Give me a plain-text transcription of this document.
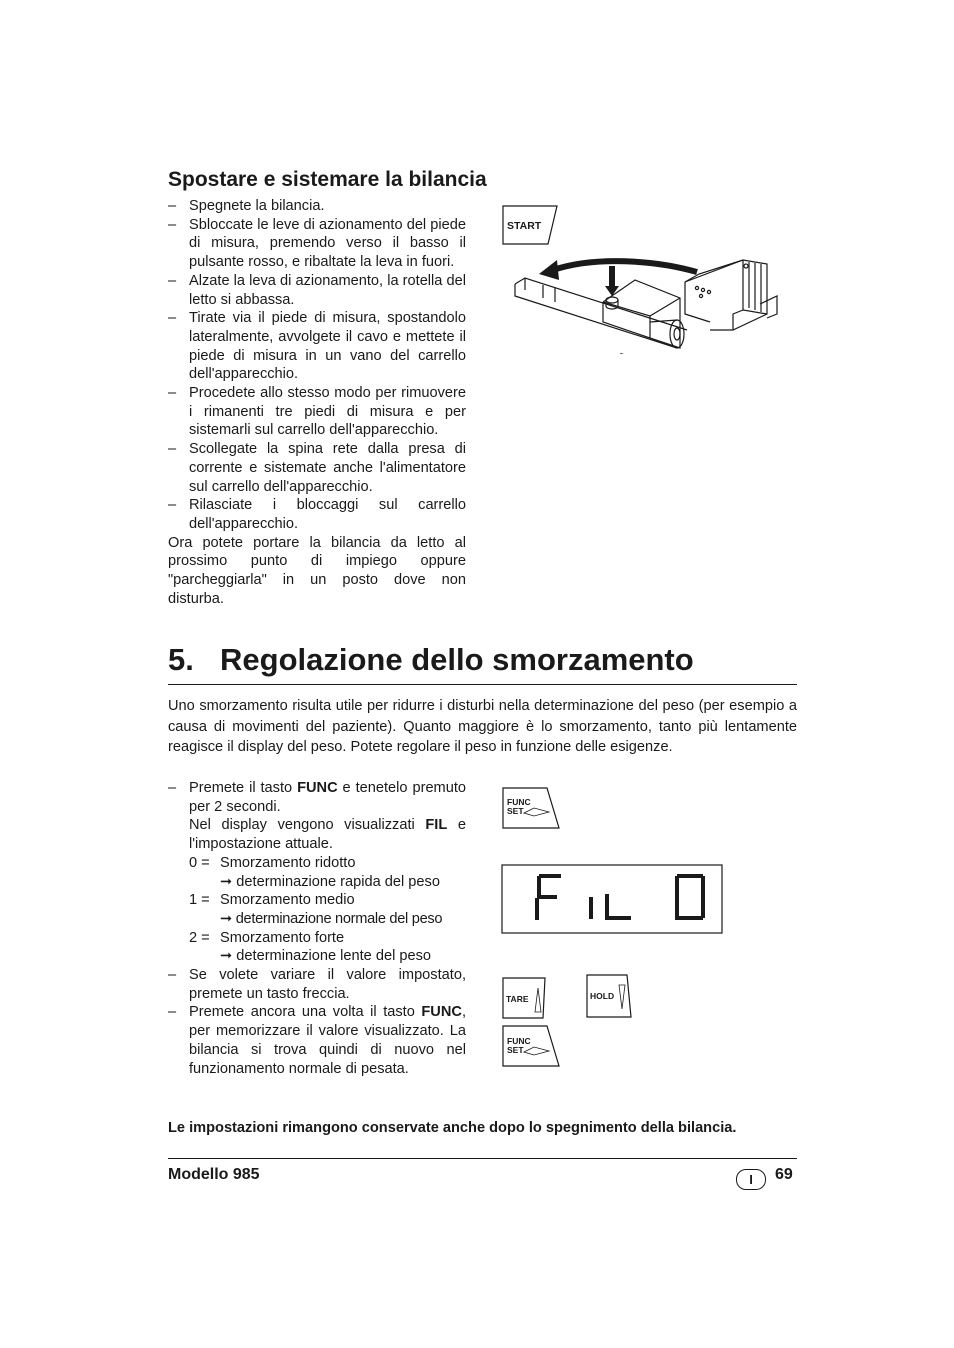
Spostare e sistemare la bilancia
– Spegnete la bilancia.
– Sbloccate le leve di azionamento del piede di misura, premendo verso il basso il pulsante rosso, e ribaltate la leva in fuori.
– Alzate la leva di azionamento, la rotella del letto si abbassa.
– Tirate via il piede di misura, spostandolo lateralmente, avvolgete il cavo e mettete il piede di misura in un vano del carrello dell'apparecchio.
– Procedete allo stesso modo per rimuovere i rimanenti tre piedi di misura e per sistemarli sul carrello dell'apparecchio.
– Scollegate la spina rete dalla presa di corrente e sistemate anche l'alimentatore sul carrello dell'apparecchio.
– Rilasciate i bloccaggi sul carrello dell'apparecchio.

Ora potete portare la bilancia da letto al prossimo punto di impiego oppure "parcheggiarla" in un posto dove non disturba.

START
5. Regolazione dello smorzamento

Uno smorzamento risulta utile per ridurre i disturbi nella determinazione del peso (per esempio a causa di movimenti del paziente). Quanto maggiore è lo smorzamento, tanto più lentamente reagisce il display del peso. Potete regolare il peso in funzione delle esigenze.

– Premete il tasto FUNC e tenetelo premuto per 2 secondi.
Nel display vengono visualizzati FIL e l'impostazione attuale.
0 = Smorzamento ridotto
➞ determinazione rapida del peso
1 = Smorzamento medio
➞ determinazione normale del peso
2 = Smorzamento forte
➞ determinazione lente del peso
– Se volete variare il valore impostato, premete un tasto freccia.
– Premete ancora una volta il tasto FUNC, per memorizzare il valore visualizzato. La bilancia si trova quindi di nuovo nel funzionamento normale di pesata.
FUNC
SET
TARE	HOLD
FUNC
SET
Le impostazioni rimangono conservate anche dopo lo spegnimento della bilancia.
Modello 985	I	69
